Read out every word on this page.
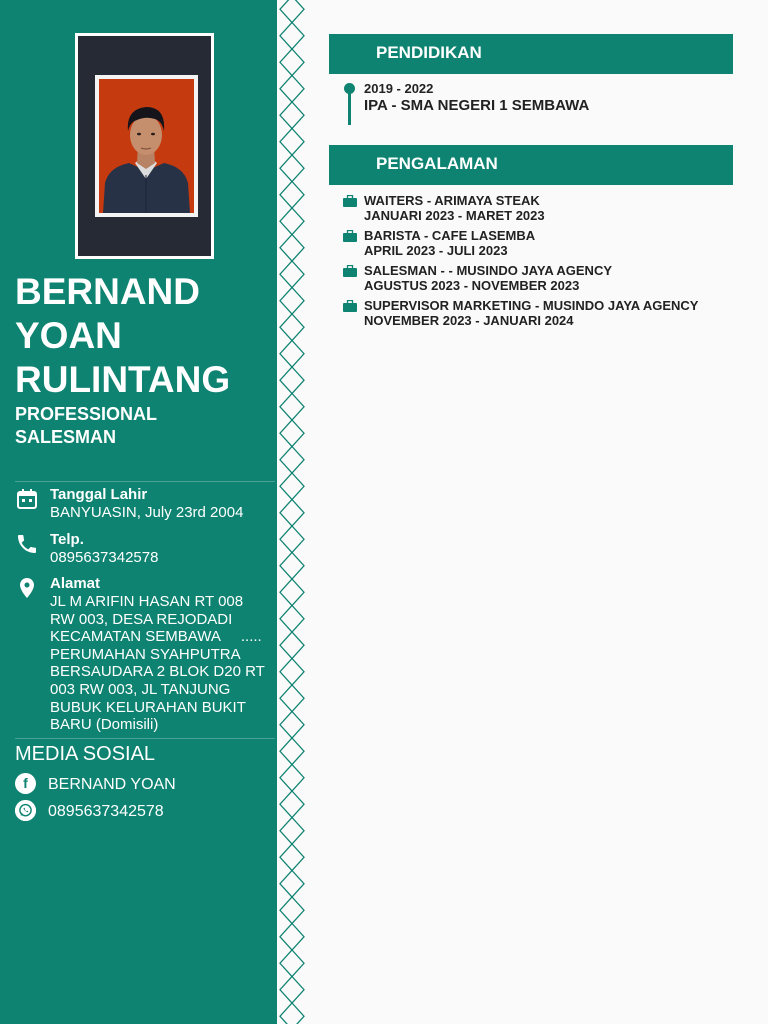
BERNAND
YOAN
RULINTANG
PROFESSIONAL
SALESMAN
Tanggal Lahir
BANYUASIN, July 23rd 2004
Telp.
0895637342578
Alamat
JL M ARIFIN HASAN RT 008
RW 003, DESA REJODADI
KECAMATAN SEMBAWA     .....
PERUMAHAN SYAHPUTRA
BERSAUDARA 2 BLOK D20 RT
003 RW 003, JL TANJUNG
BUBUK KELURAHAN BUKIT
BARU (Domisili)
MEDIA SOSIAL
f	BERNAND YOAN
0895637342578
PENDIDIKAN
2019 - 2022
IPA - SMA NEGERI 1 SEMBAWA
PENGALAMAN
WAITERS - ARIMAYA STEAK
JANUARI 2023 - MARET 2023
BARISTA - CAFE LASEMBA
APRIL 2023 - JULI 2023
SALESMAN - - MUSINDO JAYA AGENCY
AGUSTUS 2023 - NOVEMBER 2023
SUPERVISOR MARKETING - MUSINDO JAYA AGENCY
NOVEMBER 2023 - JANUARI 2024
